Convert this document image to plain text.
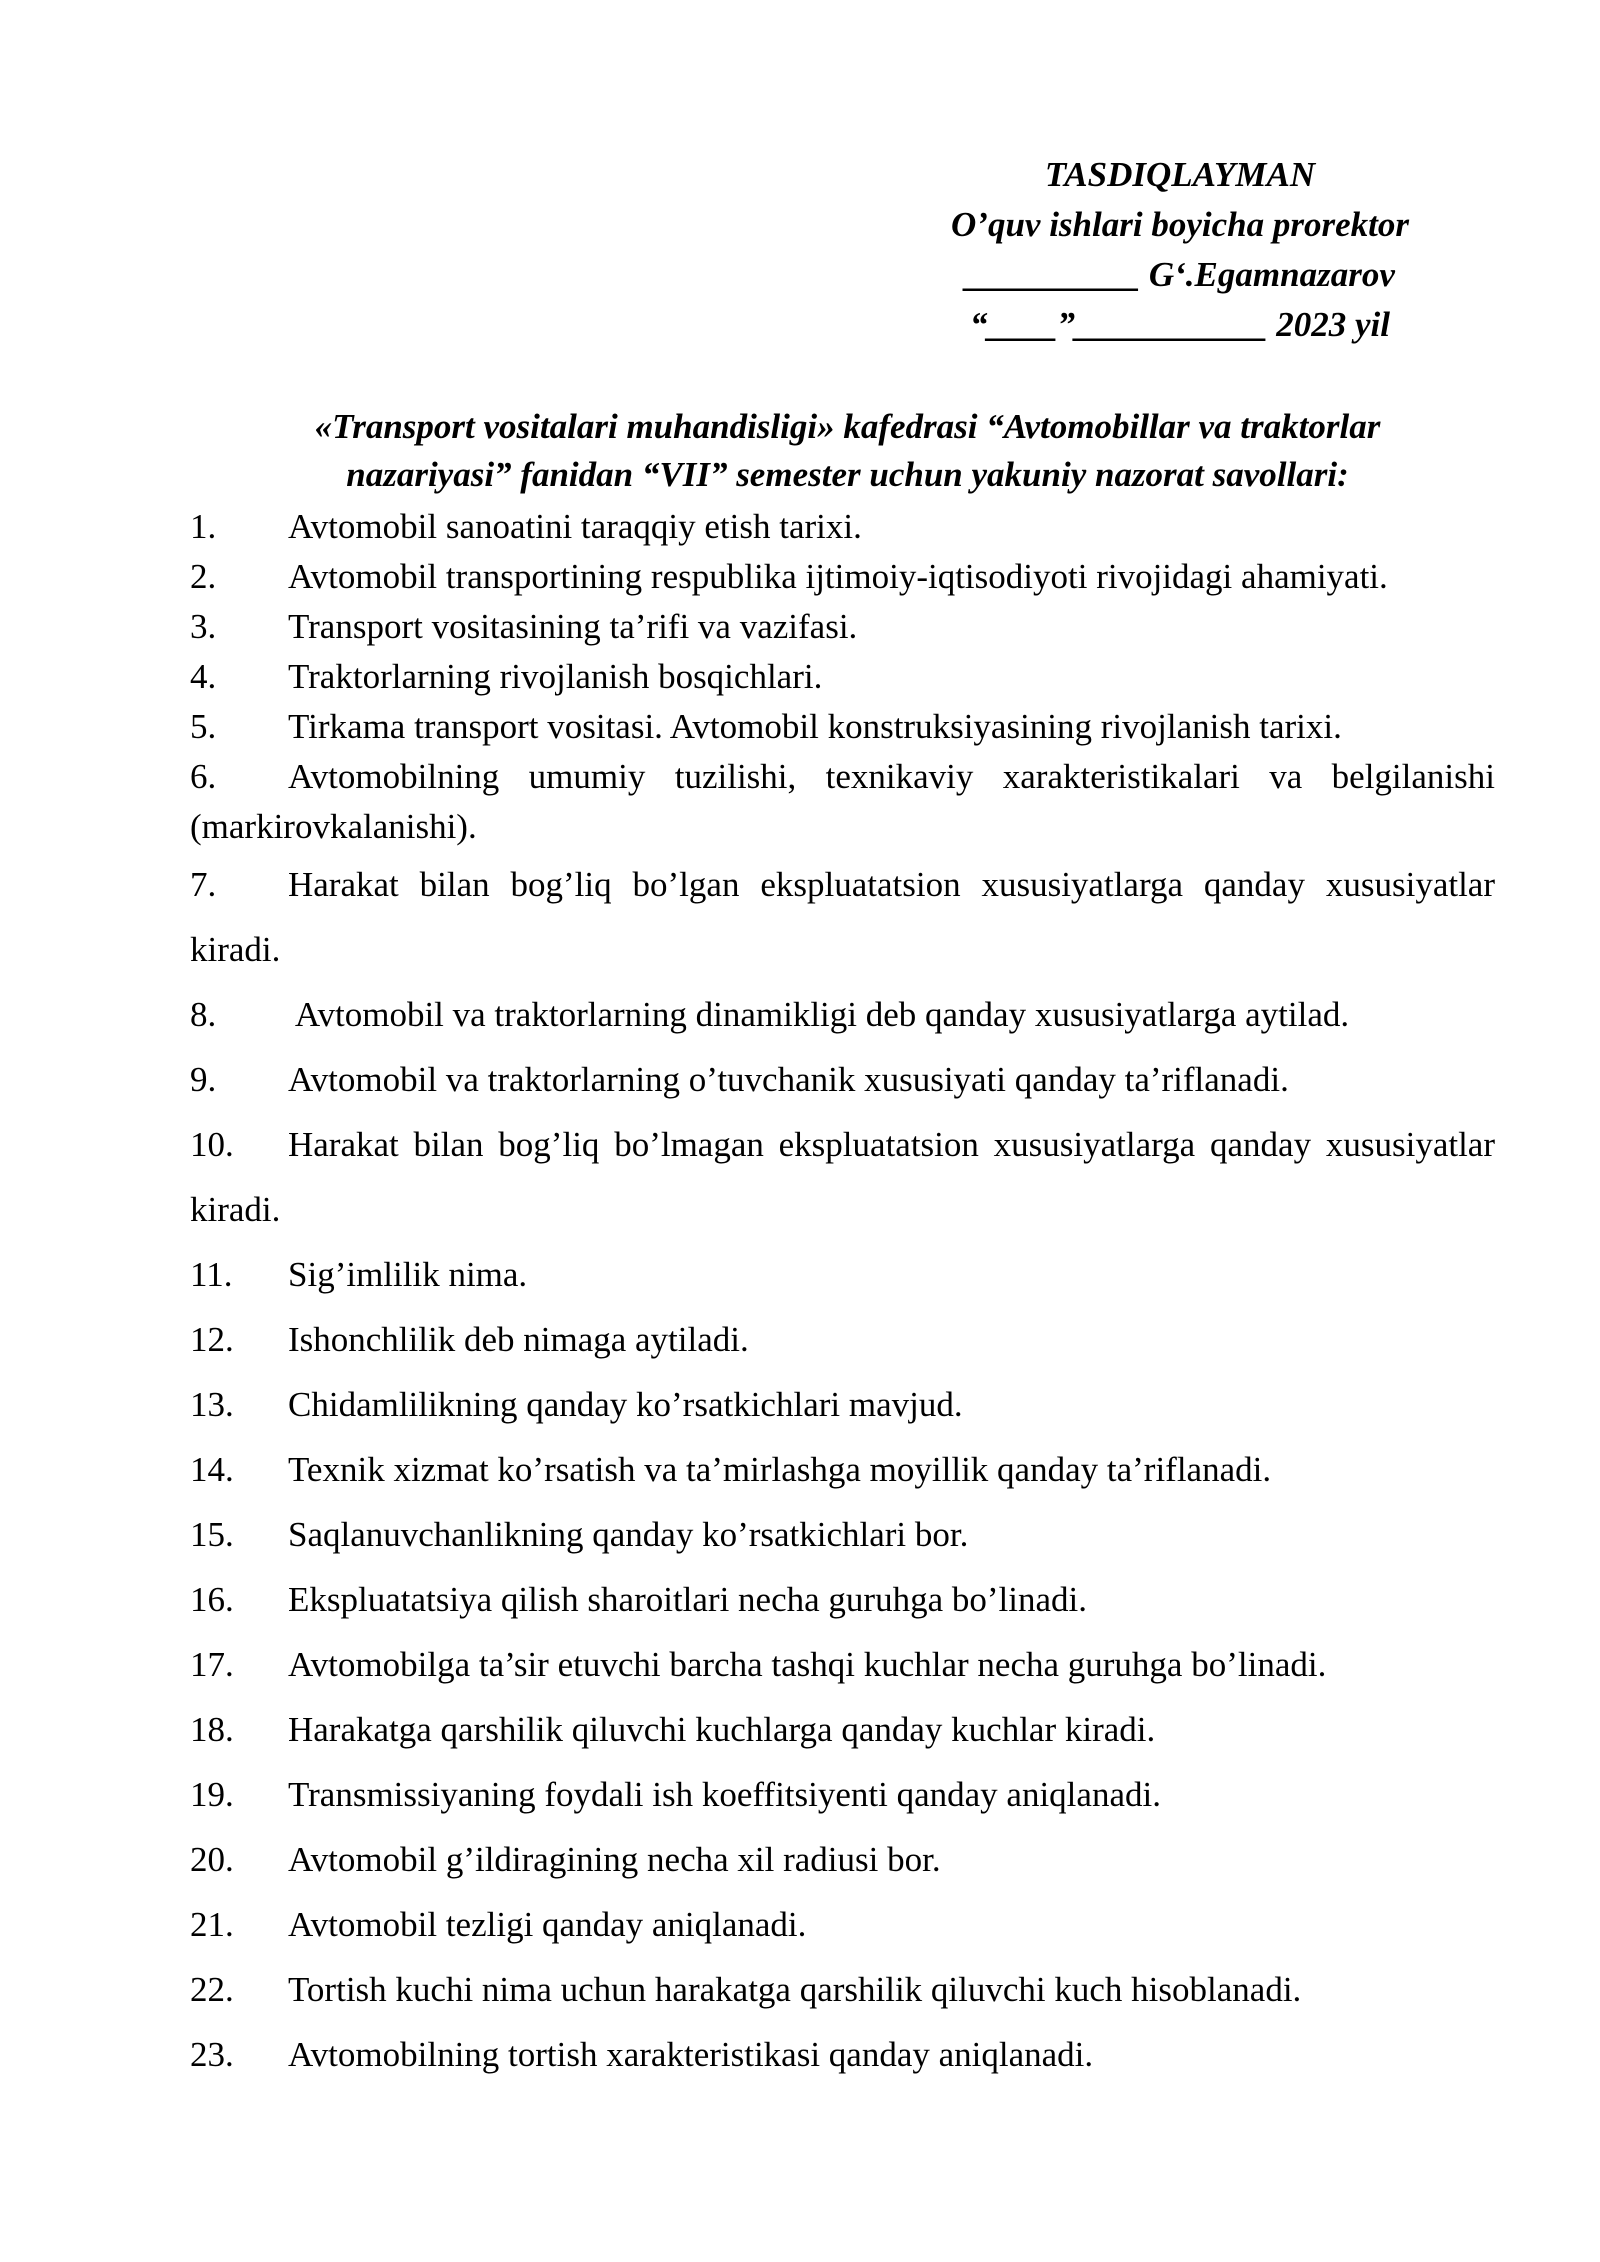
TASDIQLAYMAN
O’quv ishlari boyicha prorektor
__________ G‘.Egamnazarov
“____”___________ 2023 yil
«Transport vositalari muhandisligi» kafedrasi “Avtomobillar va traktorlar
nazariyasi” fanidan “VII” semester uchun yakuniy nazorat savollari:
1. Avtomobil sanoatini taraqqiy etish tarixi.
2. Avtomobil transportining respublika ijtimoiy-iqtisodiyoti rivojidagi ahamiyati.
3. Transport vositasining ta’rifi va vazifasi.
4. Traktorlarning rivojlanish bosqichlari.
5. Tirkama transport vositasi. Avtomobil konstruksiyasining rivojlanish tarixi.
6. Avtomobilning umumiy tuzilishi, texnikaviy xarakteristikalari va belgilanishi (markirovkalanishi).
7. Harakat bilan bog’liq bo’lgan ekspluatatsion xususiyatlarga qanday xususiyatlar kiradi.
8. Avtomobil va traktorlarning dinamikligi deb qanday xususiyatlarga aytilad.
9. Avtomobil va traktorlarning o’tuvchanik xususiyati qanday ta’riflanadi.
10. Harakat bilan bog’liq bo’lmagan ekspluatatsion xususiyatlarga qanday xususiyatlar kiradi.
11. Sig’imlilik nima.
12. Ishonchlilik deb nimaga aytiladi.
13. Chidamlilikning qanday ko’rsatkichlari mavjud.
14. Texnik xizmat ko’rsatish va ta’mirlashga moyillik qanday ta’riflanadi.
15. Saqlanuvchanlikning qanday ko’rsatkichlari bor.
16. Ekspluatatsiya qilish sharoitlari necha guruhga bo’linadi.
17. Avtomobilga ta’sir etuvchi barcha tashqi kuchlar necha guruhga bo’linadi.
18. Harakatga qarshilik qiluvchi kuchlarga qanday kuchlar kiradi.
19. Transmissiyaning foydali ish koeffitsiyenti qanday aniqlanadi.
20. Avtomobil g’ildiragining necha xil radiusi bor.
21. Avtomobil tezligi qanday aniqlanadi.
22. Tortish kuchi nima uchun harakatga qarshilik qiluvchi kuch hisoblanadi.
23. Avtomobilning tortish xarakteristikasi qanday aniqlanadi.
